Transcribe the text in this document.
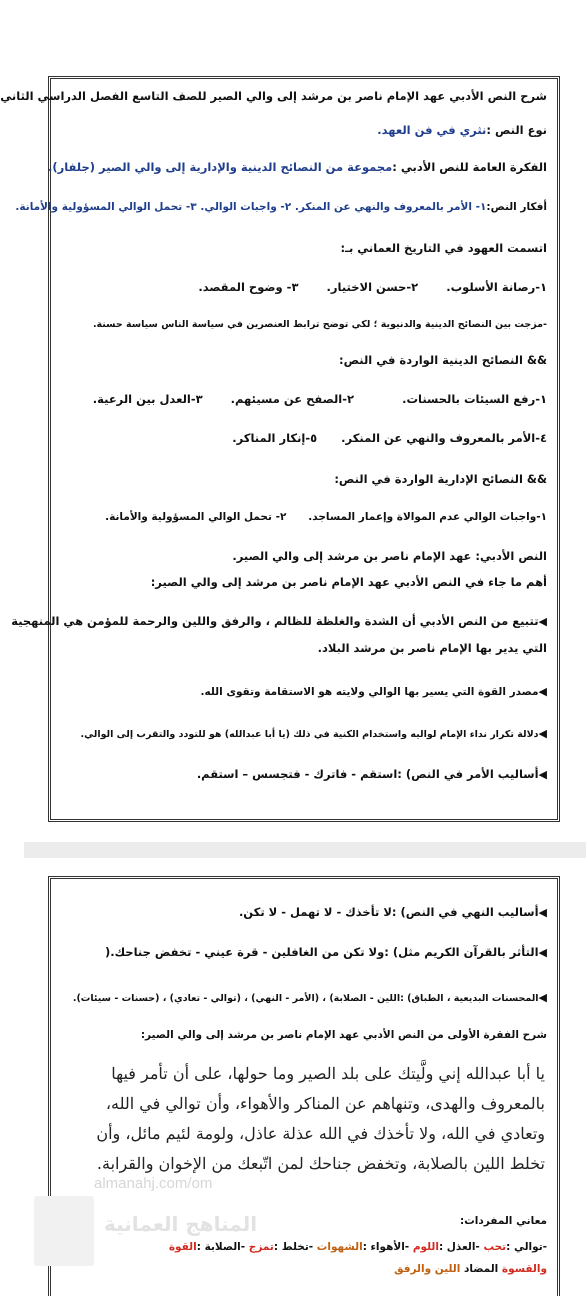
شرح النص الأدبي عهد الإمام ناصر بن مرشد إلى والي الصير للصف التاسع الفصل الدراسي الثاني
نوع النص :نثري في فن العهد.
الفكرة العامة للنص الأدبي :مجموعة من النصائح الدينية والإدارية إلى والي الصير (جلفار).
أفكار النص:١- الأمر بالمعروف والنهي عن المنكر. ٢- واجبات الوالي. ٣- تحمل الوالي المسؤولية والأمانة.
اتسمت العهود في التاريخ العماني بـ:
١-رصانة الأسلوب.       ٢-حسن الاختيار.       ٣- وضوح المقصد.
-مزجت بين النصائح الدينية والدنيوية ؛ لكي توضح ترابط العنصرين في سياسة الناس سياسة حسنة.
&& النصائح الدينية الواردة في النص:
١-رفع السيئات بالحسنات.            ٢-الصفح عن مسيئهم.       ٣-العدل بين الرعية.
٤-الأمر بالمعروف والنهي عن المنكر.      ٥-إنكار المناكر.
&& النصائح الإدارية الواردة في النص:
١-واجبات الوالي عدم الموالاة وإعمار المساجد.      ٢- تحمل الوالي المسؤولية والأمانة.
النص الأدبي: عهد الإمام ناصر بن مرشد إلى والي الصير.
أهم ما جاء في النص الأدبي عهد الإمام ناصر بن مرشد إلى والي الصير:
◀تتبيع من النص الأدبي أن الشدة والغلظة للظالم ، والرفق واللين والرحمة للمؤمن هي المنهجية
التي يدير بها الإمام ناصر بن مرشد البلاد.
◀مصدر القوة التي يسير بها الوالي ولايته هو الاستقامة وتقوى الله.
◀دلالة تكرار نداء الإمام لواليه واستخدام الكنية في ذلك (يا أبا عبدالله) هو للتودد والتقرب إلى الوالي.
◀أساليب الأمر في النص) :استقم - فاترك - فتجسس – استقم.
◀أساليب النهي في النص) :لا تأخذك - لا تهمل - لا تكن.
◀التأثر بالقرآن الكريم مثل) :ولا تكن من الغافلين - قرة عيني - تخفض جناحك.(
◀المحسنات البديعية ، الطباق) :اللين - الصلابة) ، (الأمر - النهي) ، (توالي - تعادي) ، (حسنات - سيئات).
شرح الفقرة الأولى من النص الأدبي عهد الإمام ناصر بن مرشد إلى والي الصير:
يا أبا عبدالله إني ولَّيتك على بلد الصير وما حولها، على أن تأمر فيها بالمعروف والهدى، وتنهاهم عن المناكر والأهواء، وأن توالي في الله، وتعادي في الله، ولا تأخذك في الله عذلة عاذل، ولومة لئيم مائل، وأن تخلط اللين بالصلابة، وتخفض جناحك لمن اتّبعك من الإخوان والقرابة.
معاني المفردات:
-توالي :تحب -العذل :اللوم -الأهواء :الشهوات -تخلط :تمزج -الصلابة :القوة
والقسوة المضاد اللين والرفق
almanahj.com/om
المناهج العمانية
